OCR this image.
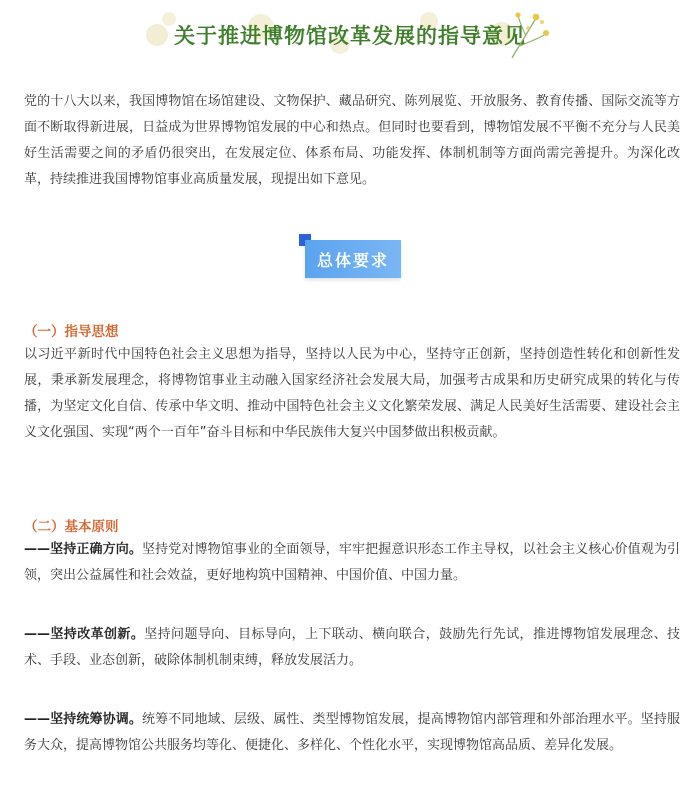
关于推进博物馆改革发展的指导意见

党的十八大以来，我国博物馆在场馆建设、文物保护、藏品研究、陈列展览、开放服务、教育传播、国际交流等方面不断取得新进展，日益成为世界博物馆发展的中心和热点。但同时也要看到，博物馆发展不平衡不充分与人民美好生活需要之间的矛盾仍很突出，在发展定位、体系布局、功能发挥、体制机制等方面尚需完善提升。为深化改革，持续推进我国博物馆事业高质量发展，现提出如下意见。

总体要求
（一）指导思想

以习近平新时代中国特色社会主义思想为指导，坚持以人民为中心，坚持守正创新，坚持创造性转化和创新性发展，秉承新发展理念，将博物馆事业主动融入国家经济社会发展大局，加强考古成果和历史研究成果的转化与传播，为坚定文化自信、传承中华文明、推动中国特色社会主义文化繁荣发展、满足人民美好生活需要、建设社会主义文化强国、实现“两个一百年”奋斗目标和中华民族伟大复兴中国梦做出积极贡献。

（二）基本原则

——坚持正确方向。坚持党对博物馆事业的全面领导，牢牢把握意识形态工作主导权，以社会主义核心价值观为引领，突出公益属性和社会效益，更好地构筑中国精神、中国价值、中国力量。

——坚持改革创新。坚持问题导向、目标导向，上下联动、横向联合，鼓励先行先试，推进博物馆发展理念、技术、手段、业态创新，破除体制机制束缚，释放发展活力。

——坚持统筹协调。统筹不同地域、层级、属性、类型博物馆发展，提高博物馆内部管理和外部治理水平。坚持服务大众，提高博物馆公共服务均等化、便捷化、多样化、个性化水平，实现博物馆高品质、差异化发展。
